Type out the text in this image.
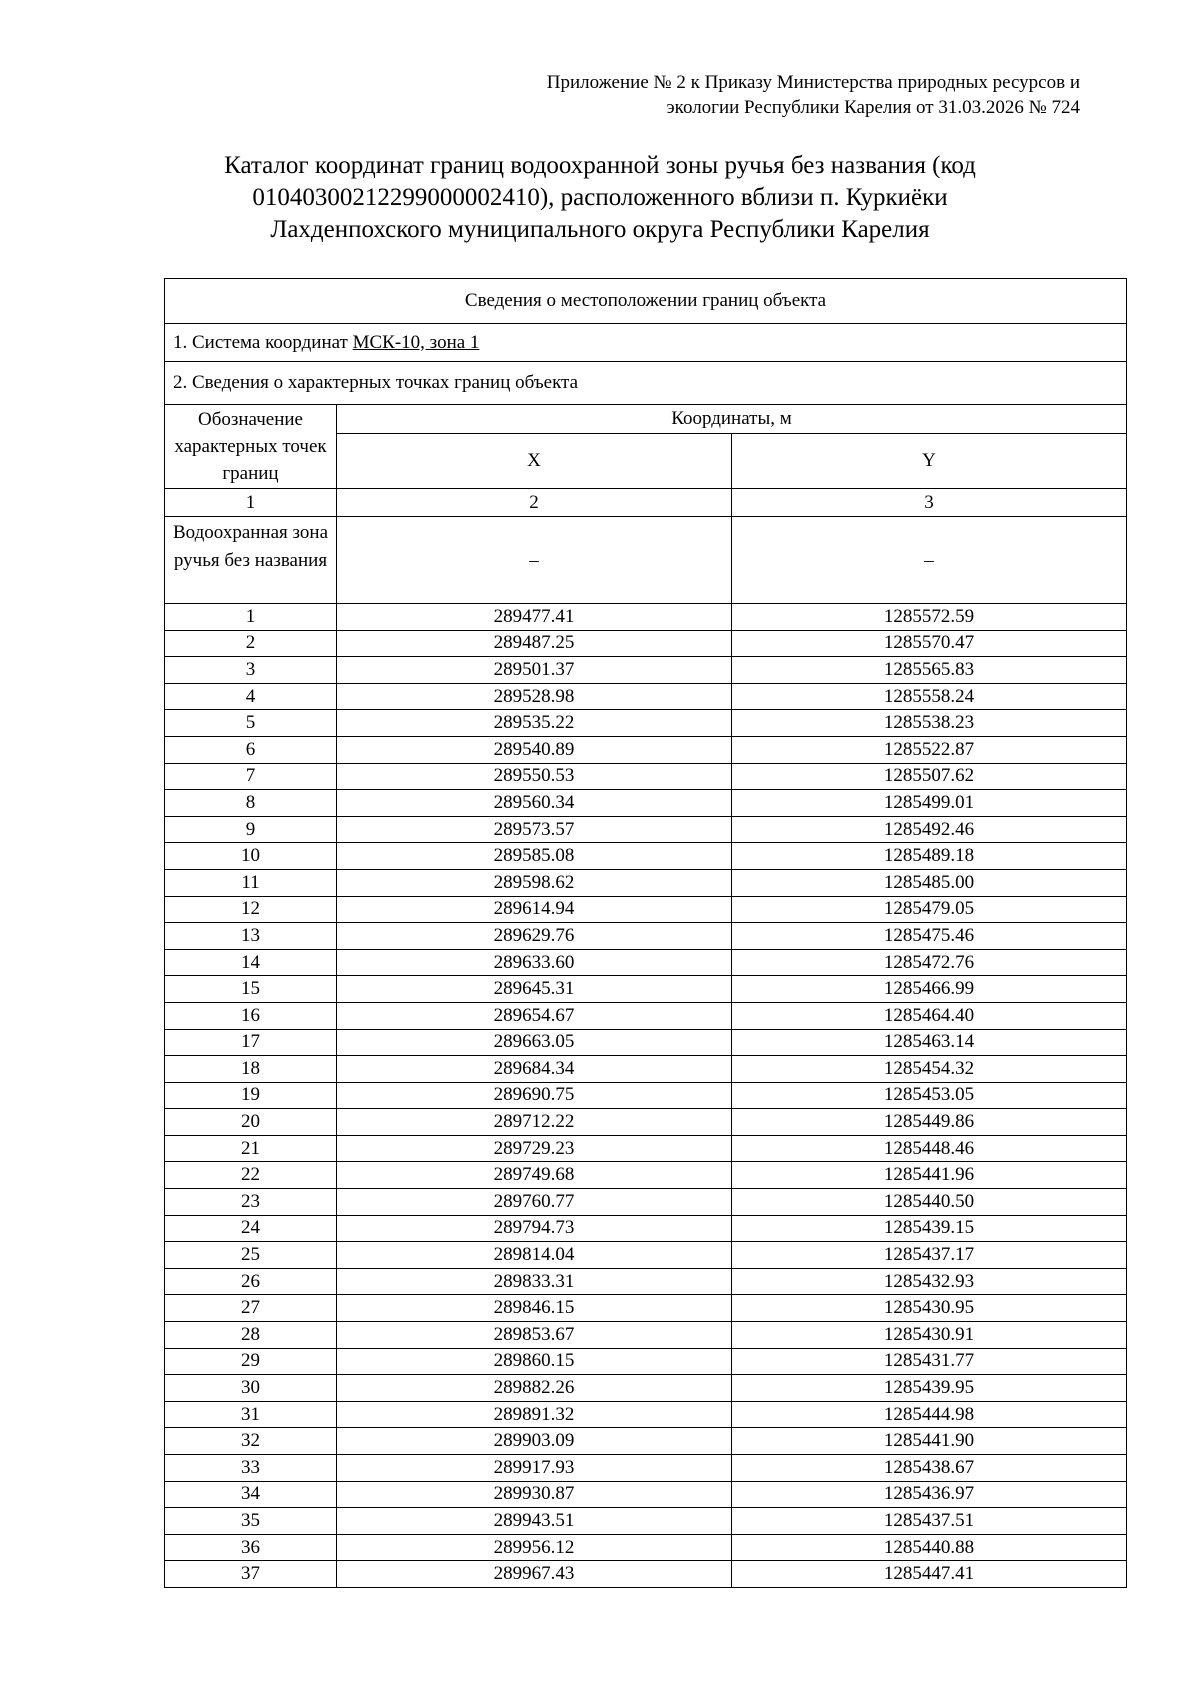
Приложение № 2 к Приказу Министерства природных ресурсов и
экологии Республики Карелия от 31.03.2026 № 724
Каталог координат границ водоохранной зоны ручья без названия (код
01040300212299000002410), расположенного вблизи п. Куркиёки
Лахденпохского муниципального округа Республики Карелия
Сведения о местоположении границ объекта		
1. Система координат МСК-10, зона 1		
2. Сведения о характерных точках границ объекта		
Обозначение характерных точек границ	Координаты, м	
	X	Y
1	2	3
Водоохранная зона ручья без названия	–	–

1	289477.41	1285572.59
2	289487.25	1285570.47
3	289501.37	1285565.83
4	289528.98	1285558.24
5	289535.22	1285538.23
6	289540.89	1285522.87
7	289550.53	1285507.62
8	289560.34	1285499.01
9	289573.57	1285492.46
10	289585.08	1285489.18
11	289598.62	1285485.00
12	289614.94	1285479.05
13	289629.76	1285475.46
14	289633.60	1285472.76
15	289645.31	1285466.99
16	289654.67	1285464.40
17	289663.05	1285463.14
18	289684.34	1285454.32
19	289690.75	1285453.05
20	289712.22	1285449.86
21	289729.23	1285448.46
22	289749.68	1285441.96
23	289760.77	1285440.50
24	289794.73	1285439.15
25	289814.04	1285437.17
26	289833.31	1285432.93
27	289846.15	1285430.95
28	289853.67	1285430.91
29	289860.15	1285431.77
30	289882.26	1285439.95
31	289891.32	1285444.98
32	289903.09	1285441.90
33	289917.93	1285438.67
34	289930.87	1285436.97
35	289943.51	1285437.51
36	289956.12	1285440.88
37	289967.43	1285447.41
